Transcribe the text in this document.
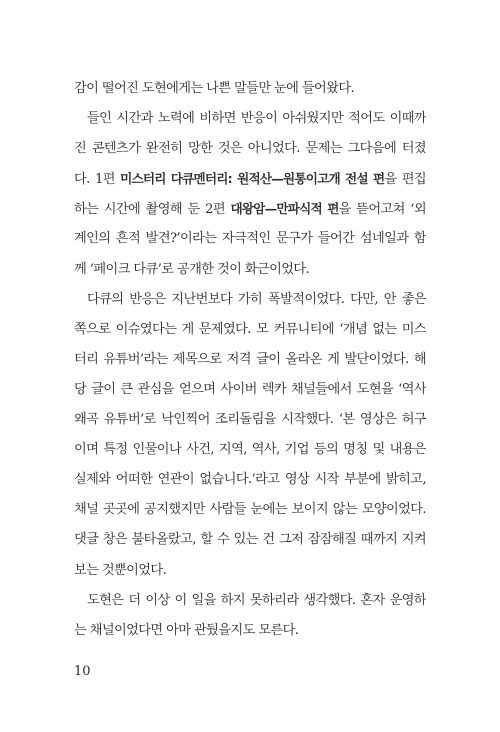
감이 떨어진 도현에게는 나쁜 말들만 눈에 들어왔다.
들인 시간과 노력에 비하면 반응이 아쉬웠지만 적어도 이때까
진 콘텐츠가 완전히 망한 것은 아니었다. 문제는 그다음에 터졌
다. 1편 미스터리 다큐멘터리: 원적산—원통이고개 전설 편을 편집
하는 시간에 촬영해 둔 2편 대왕암—만파식적 편을 뜯어고쳐 ‘외
계인의 흔적 발견?’이라는 자극적인 문구가 들어간 섬네일과 함
께 ‘페이크 다큐’로 공개한 것이 화근이었다.
다큐의 반응은 지난번보다 가히 폭발적이었다. 다만, 안 좋은
쪽으로 이슈였다는 게 문제였다. 모 커뮤니티에 ‘개념 없는 미스
터리 유튜버’라는 제목으로 저격 글이 올라온 게 발단이었다. 해
당 글이 큰 관심을 얻으며 사이버 렉카 채널들에서 도현을 ‘역사
왜곡 유튜버’로 낙인찍어 조리돌림을 시작했다. ‘본 영상은 허구
이며 특정 인물이나 사건, 지역, 역사, 기업 등의 명칭 및 내용은
실제와 어떠한 연관이 없습니다.’라고 영상 시작 부분에 밝히고,
채널 곳곳에 공지했지만 사람들 눈에는 보이지 않는 모양이었다.
댓글 창은 불타올랐고, 할 수 있는 건 그저 잠잠해질 때까지 지켜
보는 것뿐이었다.
도현은 더 이상 이 일을 하지 못하리라 생각했다. 혼자 운영하
는 채널이었다면 아마 관뒀을지도 모른다.
10
